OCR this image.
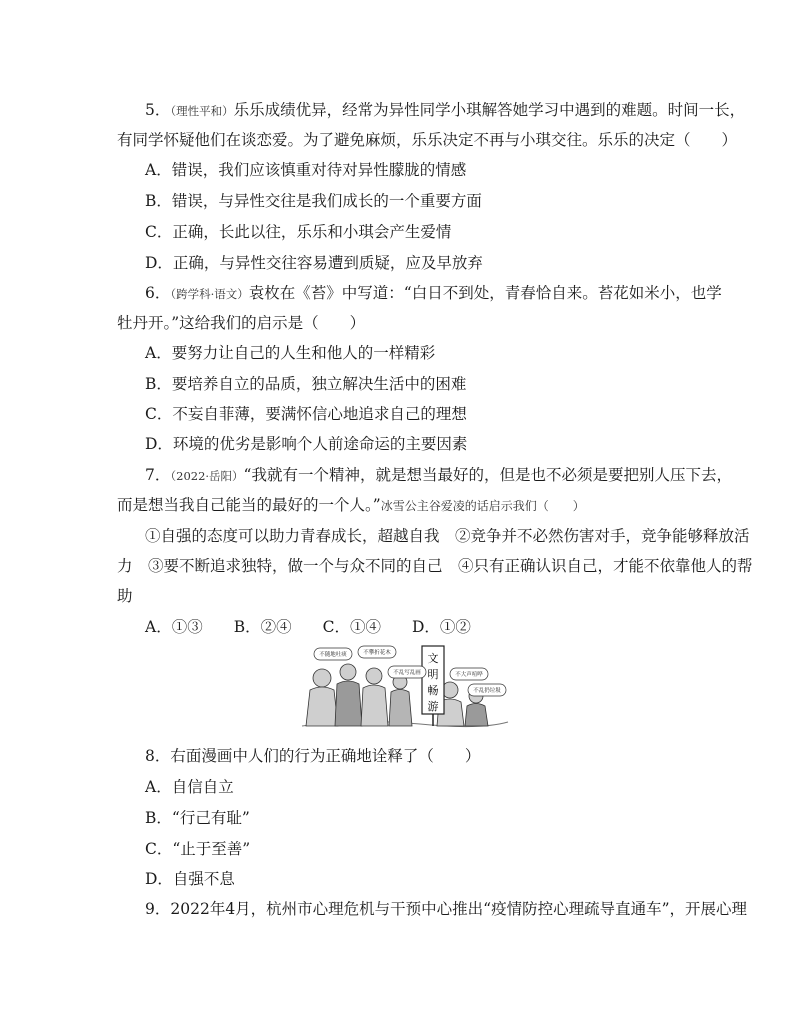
5．（理性平和）乐乐成绩优异，经常为异性同学小琪解答她学习中遇到的难题。时间一长，
有同学怀疑他们在谈恋爱。为了避免麻烦，乐乐决定不再与小琪交往。乐乐的决定（　　）
A．错误，我们应该慎重对待对异性朦胧的情感
B．错误，与异性交往是我们成长的一个重要方面
C．正确，长此以往，乐乐和小琪会产生爱情
D．正确，与异性交往容易遭到质疑，应及早放弃
6．（跨学科·语文）袁枚在《苔》中写道：“白日不到处，青春恰自来。苔花如米小，也学
牡丹开。”这给我们的启示是（　　）
A．要努力让自己的人生和他人的一样精彩
B．要培养自立的品质，独立解决生活中的困难
C．不妄自菲薄，要满怀信心地追求自己的理想
D．环境的优劣是影响个人前途命运的主要因素
7．（2022·岳阳）“我就有一个精神，就是想当最好的，但是也不必须是要把别人压下去，
而是想当我自己能当的最好的一个人。”冰雪公主谷爱凌的话启示我们（　　）
①自强的态度可以助力青春成长，超越自我　②竞争并不必然伤害对手，竞争能够释放活
力　③要不断追求独特，做一个与众不同的自己　④只有正确认识自己，才能不依靠他人的帮
助
A．①③　　B．②④　　C．①④　　D．①②
文
明
畅
游
不随地吐痰	不攀折花木
不乱写乱画	不大声喧哗
不乱扔垃圾
8．右面漫画中人们的行为正确地诠释了（　　）
A．自信自立
B．“行己有耻”
C．“止于至善”
D．自强不息
9．2022年4月，杭州市心理危机与干预中心推出“疫情防控心理疏导直通车”，开展心理
